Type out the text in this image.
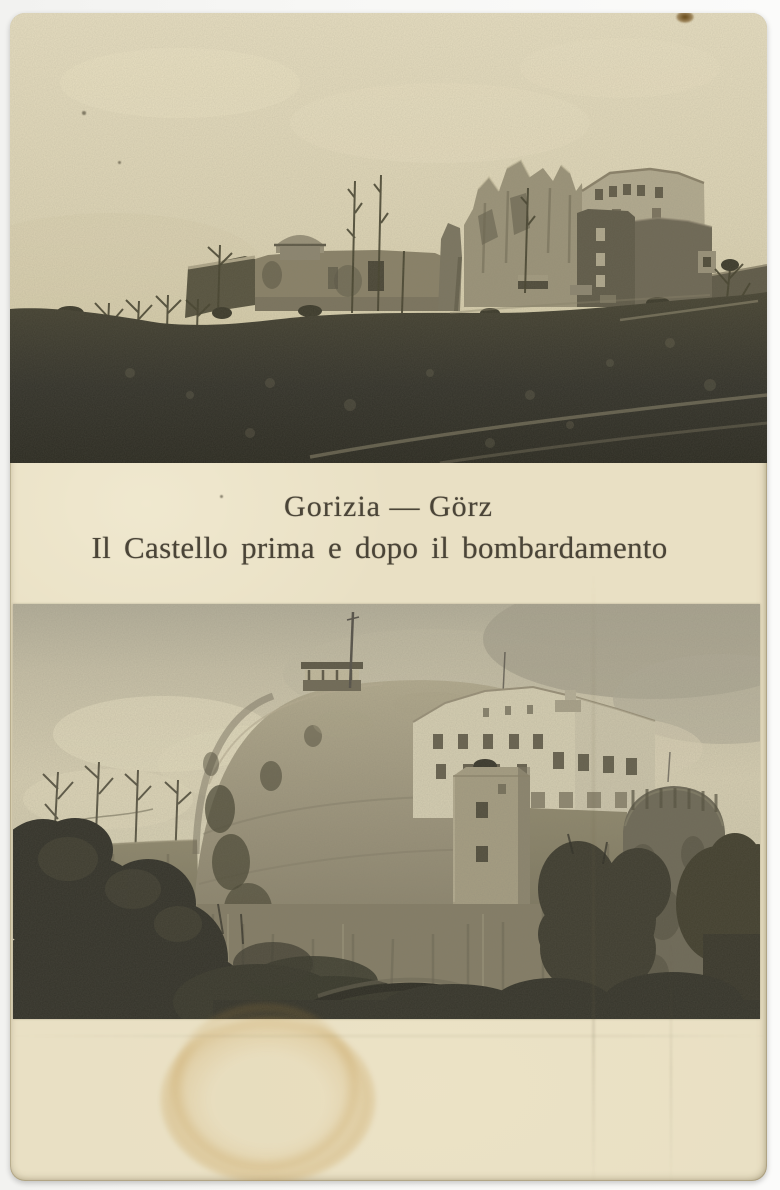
Gorizia — Görz
Il Castello prima e dopo il bombardamento
